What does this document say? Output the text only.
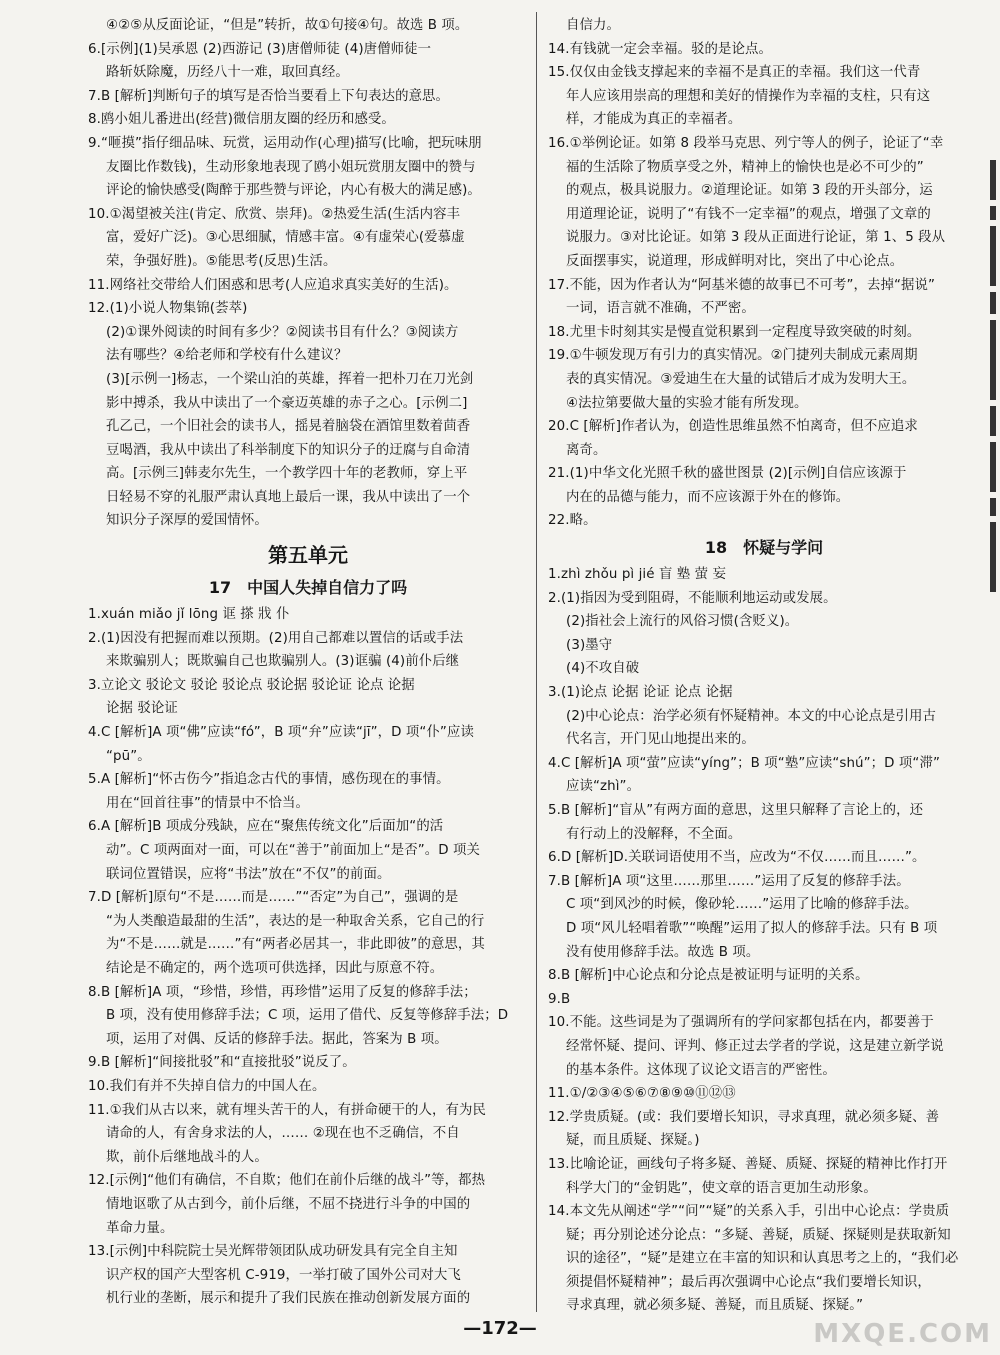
④②⑤从反面论证，“但是”转折，故①句接④句。故选 B 项。
6.[示例](1)吴承恩 (2)西游记 (3)唐僧师徒 (4)唐僧师徒一
路斩妖除魔，历经八十一难，取回真经。
7.B [解析]判断句子的填写是否恰当要看上下句表达的意思。
8.鸥小姐儿番进出(经营)微信朋友圈的经历和感受。
9.“咂摸”指仔细品味、玩赏，运用动作(心理)描写(比喻，把玩味朋
友圈比作数钱)，生动形象地表现了鸥小姐玩赏朋友圈中的赞与
评论的愉快感受(陶醉于那些赞与评论，内心有极大的满足感)。
10.①渴望被关注(肯定、欣赏、崇拜)。②热爱生活(生活内容丰
富，爱好广泛)。③心思细腻，情感丰富。④有虚荣心(爱慕虚
荣，争强好胜)。⑤能思考(反思)生活。
11.网络社交带给人们困惑和思考(人应追求真实美好的生活)。
12.(1)小说人物集锦(荟萃)
(2)①课外阅读的时间有多少？②阅读书目有什么？③阅读方
法有哪些？④给老师和学校有什么建议？
(3)[示例一]杨志，一个梁山泊的英雄，挥着一把朴刀在刀光剑
影中搏杀，我从中读出了一个豪迈英雄的赤子之心。[示例二]
孔乙己，一个旧社会的读书人，摇晃着脑袋在酒馆里数着茴香
豆喝酒，我从中读出了科举制度下的知识分子的迂腐与自命清
高。[示例三]韩麦尔先生，一个教学四十年的老教师，穿上平
日轻易不穿的礼服严肃认真地上最后一课，我从中读出了一个
知识分子深厚的爱国情怀。
第五单元
17　中国人失掉自信力了吗
1.xuán miǎo jǐ lōng 诓 搽 戕 仆
2.(1)因没有把握而难以预期。(2)用自己都难以置信的话或手法
来欺骗别人；既欺骗自己也欺骗别人。(3)诓骗 (4)前仆后继
3.立论文 驳论文 驳论 驳论点 驳论据 驳论证 论点 论据
论据 驳论证
4.C [解析]A 项“佛”应读“fó”，B 项“弁”应读“jī”，D 项“仆”应读
“pū”。
5.A [解析]“怀古伤今”指追念古代的事情，感伤现在的事情。
用在“回首往事”的情景中不恰当。
6.A [解析]B 项成分残缺，应在“聚焦传统文化”后面加“的活
动”。C 项两面对一面，可以在“善于”前面加上“是否”。D 项关
联词位置错误，应将“书法”放在“不仅”的前面。
7.D [解析]原句“不是……而是……”“否定”为自己”，强调的是
“为人类酿造最甜的生活”，表达的是一种取舍关系，它自己的行
为“不是……就是……”有“两者必居其一，非此即彼”的意思，其
结论是不确定的，两个选项可供选择，因此与原意不符。
8.B [解析]A 项，“珍惜，珍惜，再珍惜”运用了反复的修辞手法；
B 项，没有使用修辞手法；C 项，运用了借代、反复等修辞手法；D
项，运用了对偶、反话的修辞手法。据此，答案为 B 项。
9.B [解析]“间接批驳”和“直接批驳”说反了。
10.我们有并不失掉自信力的中国人在。
11.①我们从古以来，就有埋头苦干的人，有拼命硬干的人，有为民
请命的人，有舍身求法的人，…… ②现在也不乏确信，不自
欺，前仆后继地战斗的人。
12.[示例]“他们有确信，不自欺；他们在前仆后继的战斗”等，都热
情地讴歌了从古到今，前仆后继，不屈不挠进行斗争的中国的
革命力量。
13.[示例]中科院院士吴光辉带领团队成功研发具有完全自主知
识产权的国产大型客机 C-919，一举打破了国外公司对大飞
机行业的垄断，展示和提升了我们民族在推动创新发展方面的
自信力。
14.有钱就一定会幸福。驳的是论点。
15.仅仅由金钱支撑起来的幸福不是真正的幸福。我们这一代青
年人应该用崇高的理想和美好的情操作为幸福的支柱，只有这
样，才能成为真正的幸福者。
16.①举例论证。如第 8 段举马克思、列宁等人的例子，论证了“幸
福的生活除了物质享受之外，精神上的愉快也是必不可少的”
的观点，极具说服力。②道理论证。如第 3 段的开头部分，运
用道理论证，说明了“有钱不一定幸福”的观点，增强了文章的
说服力。③对比论证。如第 3 段从正面进行论证，第 1、5 段从
反面摆事实，说道理，形成鲜明对比，突出了中心论点。
17.不能，因为作者认为“阿基米德的故事已不可考”，去掉“据说”
一词，语言就不准确，不严密。
18.尤里卡时刻其实是慢直觉积累到一定程度导致突破的时刻。
19.①牛顿发现万有引力的真实情况。②门捷列夫制成元素周期
表的真实情况。③爱迪生在大量的试错后才成为发明大王。
④法拉第要做大量的实验才能有所发现。
20.C [解析]作者认为，创造性思维虽然不怕离奇，但不应追求
离奇。
21.(1)中华文化光照千秋的盛世图景 (2)[示例]自信应该源于
内在的品德与能力，而不应该源于外在的修饰。
22.略。
18　怀疑与学问
1.zhì zhǒu pì jié 盲 塾 萤 妄
2.(1)指因为受到阻碍，不能顺利地运动或发展。
(2)指社会上流行的风俗习惯(含贬义)。
(3)墨守
(4)不攻自破
3.(1)论点 论据 论证 论点 论据
(2)中心论点：治学必须有怀疑精神。本文的中心论点是引用古
代名言，开门见山地提出来的。
4.C [解析]A 项“萤”应读“yíng”；B 项“塾”应读“shú”；D 项“滞”
应读“zhì”。
5.B [解析]“盲从”有两方面的意思，这里只解释了言论上的，还
有行动上的没解释，不全面。
6.D [解析]D.关联词语使用不当，应改为“不仅……而且……”。
7.B [解析]A 项“这里……那里……”运用了反复的修辞手法。
C 项“到风沙的时候，像砂轮……”运用了比喻的修辞手法。
D 项“风儿轻唱着歌”“唤醒”运用了拟人的修辞手法。只有 B 项
没有使用修辞手法。故选 B 项。
8.B [解析]中心论点和分论点是被证明与证明的关系。
9.B
10.不能。这些词是为了强调所有的学问家都包括在内，都要善于
经常怀疑、提问、评判、修正过去学者的学说，这是建立新学说
的基本条件。这体现了议论文语言的严密性。
11.①/②③④⑤⑥⑦⑧⑨⑩⑪⑫⑬
12.学贵质疑。(或：我们要增长知识，寻求真理，就必须多疑、善
疑，而且质疑、探疑。)
13.比喻论证，画线句子将多疑、善疑、质疑、探疑的精神比作打开
科学大门的“金钥匙”，使文章的语言更加生动形象。
14.本文先从阐述“学”“问”“疑”的关系入手，引出中心论点：学贵质
疑；再分别论述分论点：“多疑、善疑，质疑、探疑则是获取新知
识的途径”，“疑”是建立在丰富的知识和认真思考之上的，“我们必
须提倡怀疑精神”；最后再次强调中心论点“我们要增长知识，
寻求真理，就必须多疑、善疑，而且质疑、探疑。”
—172—	MXQE.COM
